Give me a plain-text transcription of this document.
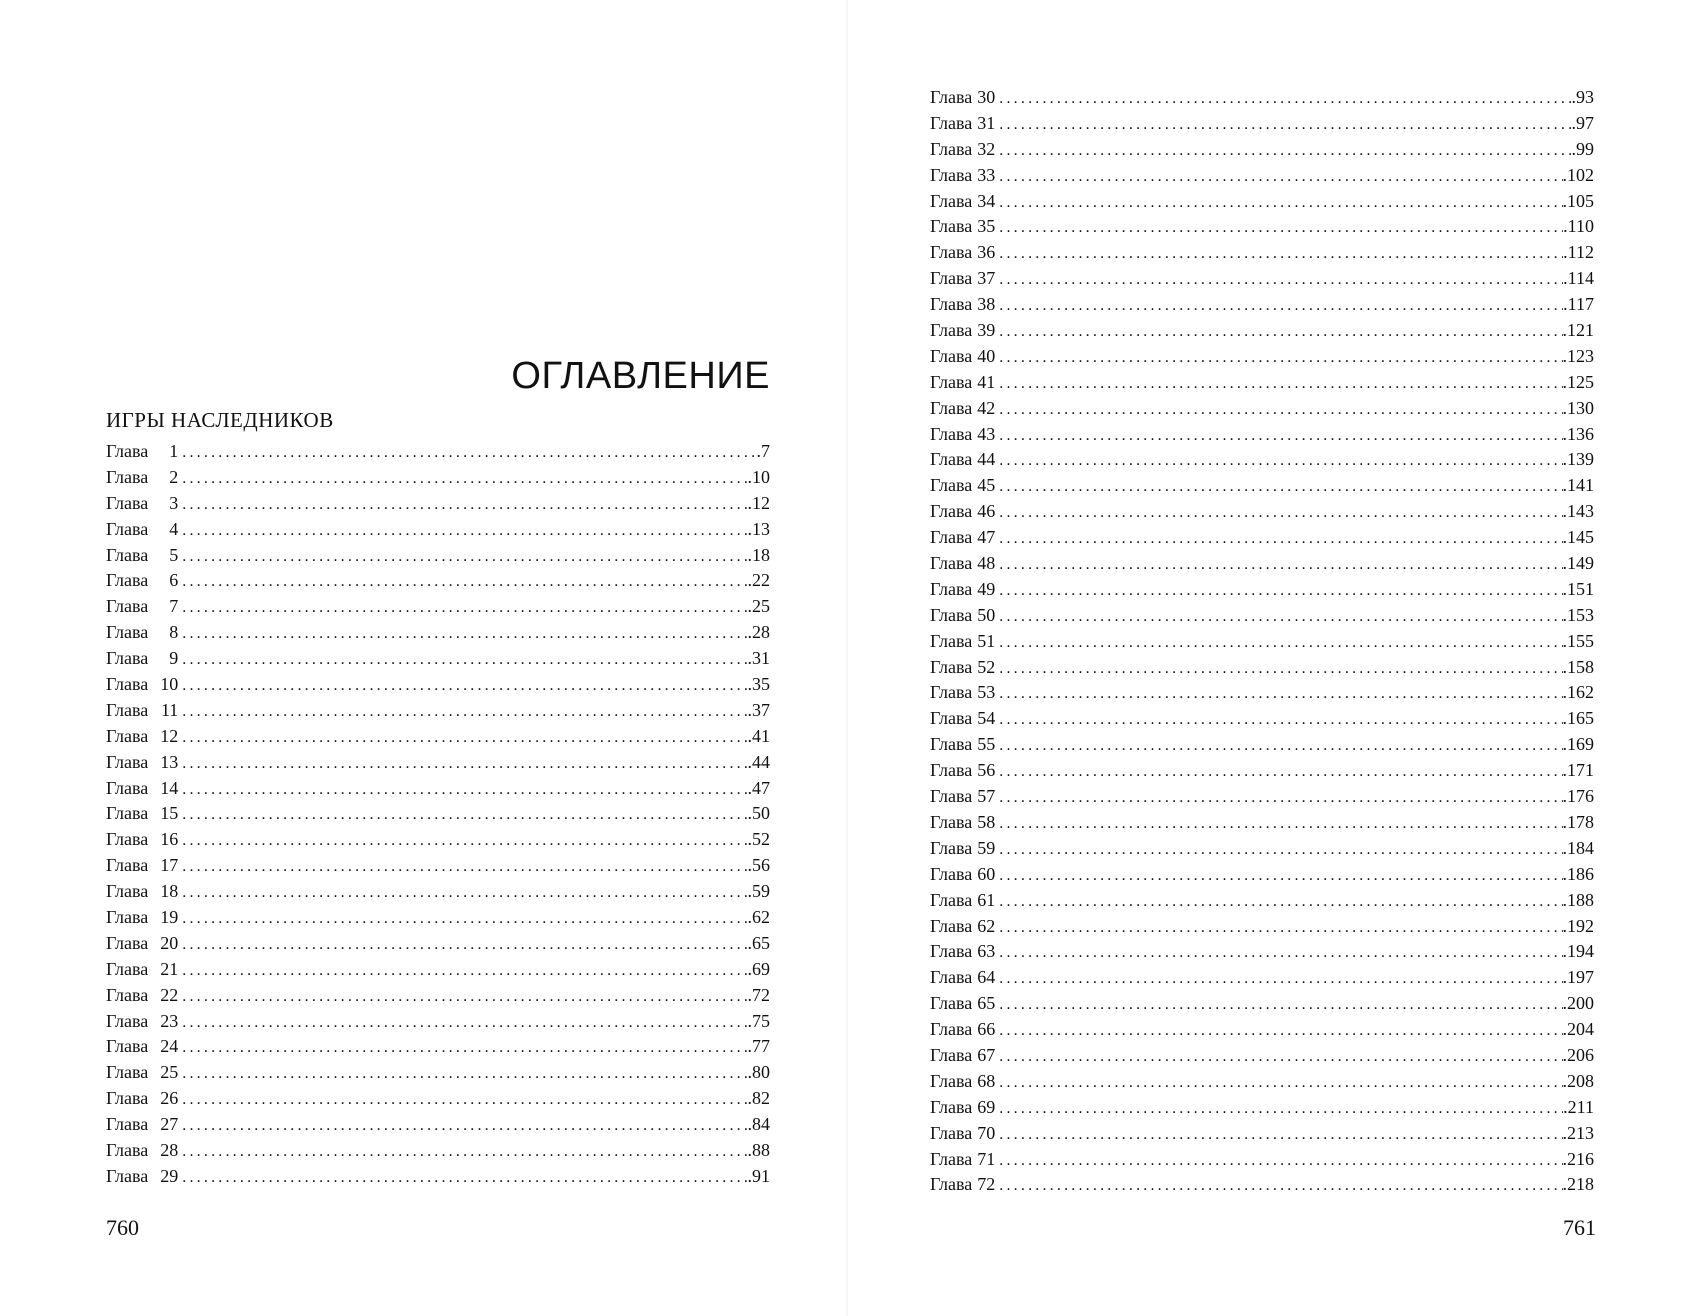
ОГЛАВЛЕНИЕ
ИГРЫ НАСЛЕДНИКОВ
Глава	1 .....	.7
Глава	2 .....	.10
Глава	3 .....	.12
Глава	4 .....	.13
Глава	5 .....	.18
Глава	6 .....	.22
Глава	7 .....	.25
Глава	8 .....	.28
Глава	9 .....	.31
Глава 10 .....	.35
Глава 11 .....	.37
Глава 12 .....	.41
Глава 13 .....	.44
Глава 14 .....	.47
Глава 15 .....	.50
Глава 16 .....	.52
Глава 17 .....	.56
Глава 18 .....	.59
Глава 19 .....	.62
Глава 20 .....	.65
Глава 21 .....	.69
Глава 22 .....	.72
Глава 23 .....	.75
Глава 24 .....	.77
Глава 25 .....	.80
Глава 26 .....	.82
Глава 27 .....	.84
Глава 28 .....	.88
Глава 29 .....	.91
760	761
Глава 30 .....	.93
Глава 31 .....	.97
Глава 32 .....	.99
Глава 33 .....	.102
Глава 34 .....	.105
Глава 35 .....	.110
Глава 36 .....	.112
Глава 37 .....	.114
Глава 38 .....	.117
Глава 39 .....	.121
Глава 40 .....	.123
Глава 41 .....	.125
Глава 42 .....	.130
Глава 43 .....	.136
Глава 44 .....	.139
Глава 45 .....	.141
Глава 46 .....	.143
Глава 47 .....	.145
Глава 48 .....	.149
Глава 49 .....	.151
Глава 50 .....	.153
Глава 51 .....	.155
Глава 52 .....	.158
Глава 53 .....	.162
Глава 54 .....	.165
Глава 55 .....	.169
Глава 56 .....	.171
Глава 57 .....	.176
Глава 58 .....	.178
Глава 59 .....	.184
Глава 60 .....	.186
Глава 61 .....	.188
Глава 62 .....	.192
Глава 63 .....	.194
Глава 64 .....	.197
Глава 65 .....	.200
Глава 66 .....	.204
Глава 67 .....	.206
Глава 68 .....	.208
Глава 69 .....	.211
Глава 70 .....	.213
Глава 71 .....	.216
Глава 72 .....	.218
